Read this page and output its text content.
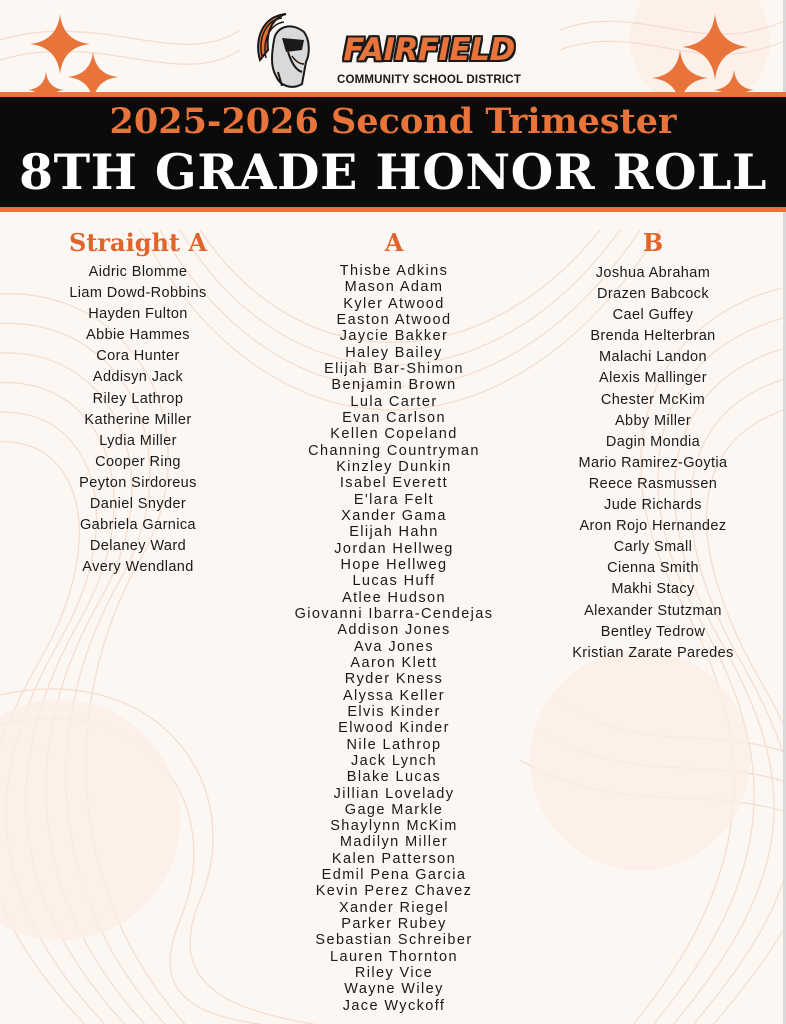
FAIRFIELD
COMMUNITY SCHOOL DISTRICT
2025-2026 Second Trimester
8TH GRADE HONOR ROLL
Straight A
Aidric Blomme
Liam Dowd-Robbins
Hayden Fulton
Abbie Hammes
Cora Hunter
Addisyn Jack
Riley Lathrop
Katherine Miller
Lydia Miller
Cooper Ring
Peyton Sirdoreus
Daniel Snyder
Gabriela Garnica
Delaney Ward
Avery Wendland
A
Thisbe Adkins
Mason Adam
Kyler Atwood
Easton Atwood
Jaycie Bakker
Haley Bailey
Elijah Bar-Shimon
Benjamin Brown
Lula Carter
Evan Carlson
Kellen Copeland
Channing Countryman
Kinzley Dunkin
Isabel Everett
E'lara Felt
Xander Gama
Elijah Hahn
Jordan Hellweg
Hope Hellweg
Lucas Huff
Atlee Hudson
Giovanni Ibarra-Cendejas
Addison Jones
Ava Jones
Aaron Klett
Ryder Kness
Alyssa Keller
Elvis Kinder
Elwood Kinder
Nile Lathrop
Jack Lynch
Blake Lucas
Jillian Lovelady
Gage Markle
Shaylynn McKim
Madilyn Miller
Kalen Patterson
Edmil Pena Garcia
Kevin Perez Chavez
Xander Riegel
Parker Rubey
Sebastian Schreiber
Lauren Thornton
Riley Vice
Wayne Wiley
Jace Wyckoff
B
Joshua Abraham
Drazen Babcock
Cael Guffey
Brenda Helterbran
Malachi Landon
Alexis Mallinger
Chester McKim
Abby Miller
Dagin Mondia
Mario Ramirez-Goytia
Reece Rasmussen
Jude Richards
Aron Rojo Hernandez
Carly Small
Cienna Smith
Makhi Stacy
Alexander Stutzman
Bentley Tedrow
Kristian Zarate Paredes
